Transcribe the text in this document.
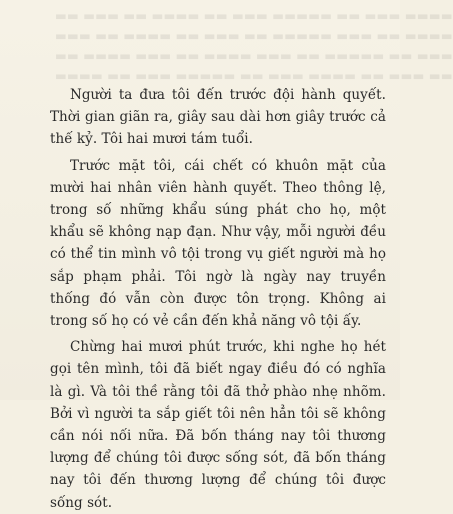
▬▬ ▬▬▬ ▬▬ ▬▬▬▬ ▬▬ ▬▬▬ ▬▬▬▬▬ ▬▬ ▬▬▬ ▬▬▬▬
▬▬▬ ▬▬ ▬▬▬▬ ▬▬ ▬▬▬ ▬▬ ▬▬▬▬▬ ▬▬▬ ▬▬ ▬▬▬▬
▬▬ ▬▬▬▬ ▬▬▬ ▬▬ ▬▬▬▬ ▬▬▬ ▬▬ ▬▬▬▬▬ ▬▬ ▬▬▬
▬▬▬▬ ▬▬ ▬▬▬ ▬▬▬▬▬ ▬▬ ▬▬▬ ▬▬▬▬ ▬▬ ▬▬▬ ▬▬

Người ta đưa tôi đến trước đội hành quyết. Thời gian giãn ra, giây sau dài hơn giây trước cả thế kỷ. Tôi hai mươi tám tuổi.

Trước mặt tôi, cái chết có khuôn mặt của mười hai nhân viên hành quyết. Theo thông lệ, trong số những khẩu súng phát cho họ, một khẩu sẽ không nạp đạn. Như vậy, mỗi người đều có thể tin mình vô tội trong vụ giết người mà họ sắp phạm phải. Tôi ngờ là ngày nay truyền thống đó vẫn còn được tôn trọng. Không ai trong số họ có vẻ cần đến khả năng vô tội ấy.

Chừng hai mươi phút trước, khi nghe họ hét gọi tên mình, tôi đã biết ngay điều đó có nghĩa là gì. Và tôi thề rằng tôi đã thở phào nhẹ nhõm. Bởi vì người ta sắp giết tôi nên hẳn tôi sẽ không cần nói nối nữa. Đã bốn tháng nay tôi thương lượng để chúng tôi được sống sót, đã bốn tháng nay tôi đến thương lượng để chúng tôi được sống sót.
